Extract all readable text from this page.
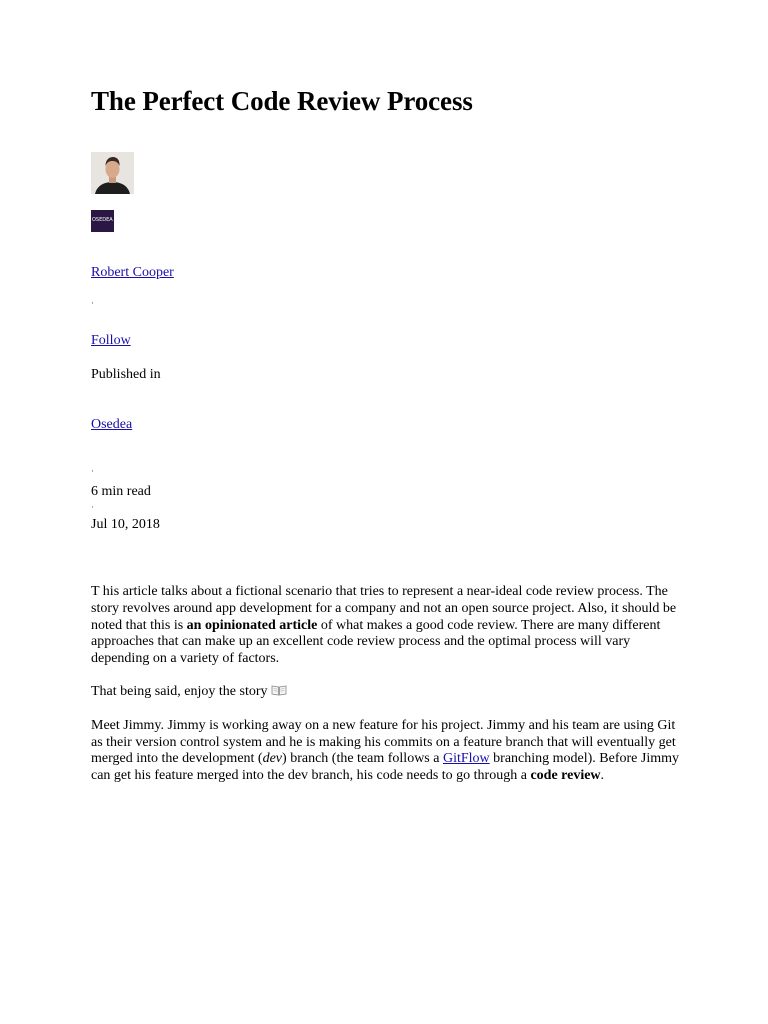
The Perfect Code Review Process
OSEDEA
Robert Cooper
·
Follow
Published in
Osedea
·
6 min read
·
Jul 10, 2018

T his article talks about a fictional scenario that tries to represent a near-ideal code review process. The story revolves around app development for a company and not an open source project. Also, it should be noted that this is an opinionated article of what makes a good code review. There are many different approaches that can make up an excellent code review process and the optimal process will vary depending on a variety of factors.

That being said, enjoy the story

Meet Jimmy. Jimmy is working away on a new feature for his project. Jimmy and his team are using Git as their version control system and he is making his commits on a feature branch that will eventually get merged into the development (dev) branch (the team follows a GitFlow branching model). Before Jimmy can get his feature merged into the dev branch, his code needs to go through a code review.
